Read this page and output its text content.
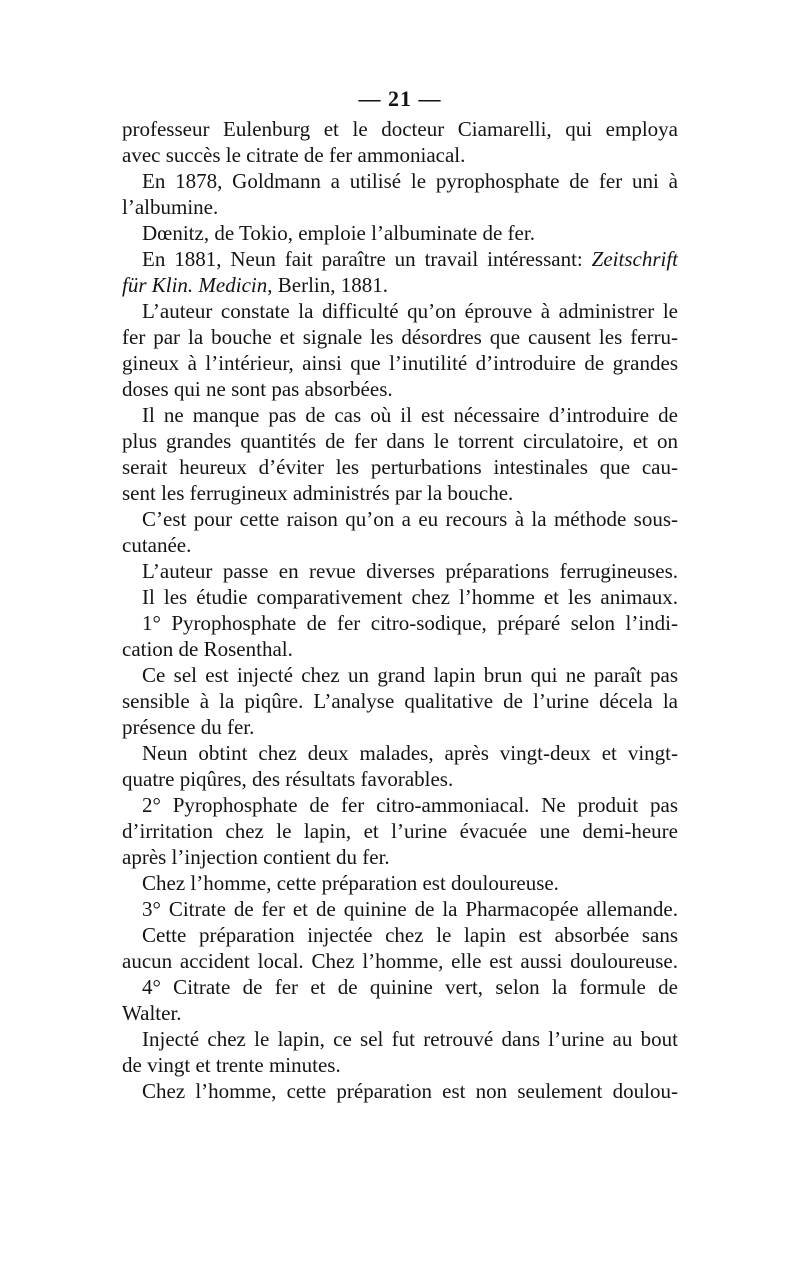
— 21 —
professeur Eulenburg et le docteur Ciamarelli, qui employa
avec succès le citrate de fer ammoniacal.
En 1878, Goldmann a utilisé le pyrophosphate de fer uni à
l’albumine.
Dœnitz, de Tokio, emploie l’albuminate de fer.
En 1881, Neun fait paraître un travail intéressant: Zeitschrift
für Klin. Medicin, Berlin, 1881.
L’auteur constate la difficulté qu’on éprouve à administrer le
fer par la bouche et signale les désordres que causent les ferru-
gineux à l’intérieur, ainsi que l’inutilité d’introduire de grandes
doses qui ne sont pas absorbées.
Il ne manque pas de cas où il est nécessaire d’introduire de
plus grandes quantités de fer dans le torrent circulatoire, et on
serait heureux d’éviter les perturbations intestinales que cau-
sent les ferrugineux administrés par la bouche.
C’est pour cette raison qu’on a eu recours à la méthode sous-
cutanée.
L’auteur passe en revue diverses préparations ferrugineuses.
Il les étudie comparativement chez l’homme et les animaux.
1° Pyrophosphate de fer citro-sodique, préparé selon l’indi-
cation de Rosenthal.
Ce sel est injecté chez un grand lapin brun qui ne paraît pas
sensible à la piqûre. L’analyse qualitative de l’urine décela la
présence du fer.
Neun obtint chez deux malades, après vingt-deux et vingt-
quatre piqûres, des résultats favorables.
2° Pyrophosphate de fer citro-ammoniacal. Ne produit pas
d’irritation chez le lapin, et l’urine évacuée une demi-heure
après l’injection contient du fer.
Chez l’homme, cette préparation est douloureuse.
3° Citrate de fer et de quinine de la Pharmacopée allemande.
Cette préparation injectée chez le lapin est absorbée sans
aucun accident local. Chez l’homme, elle est aussi douloureuse.
4° Citrate de fer et de quinine vert, selon la formule de
Walter.
Injecté chez le lapin, ce sel fut retrouvé dans l’urine au bout
de vingt et trente minutes.
Chez l’homme, cette préparation est non seulement doulou-
